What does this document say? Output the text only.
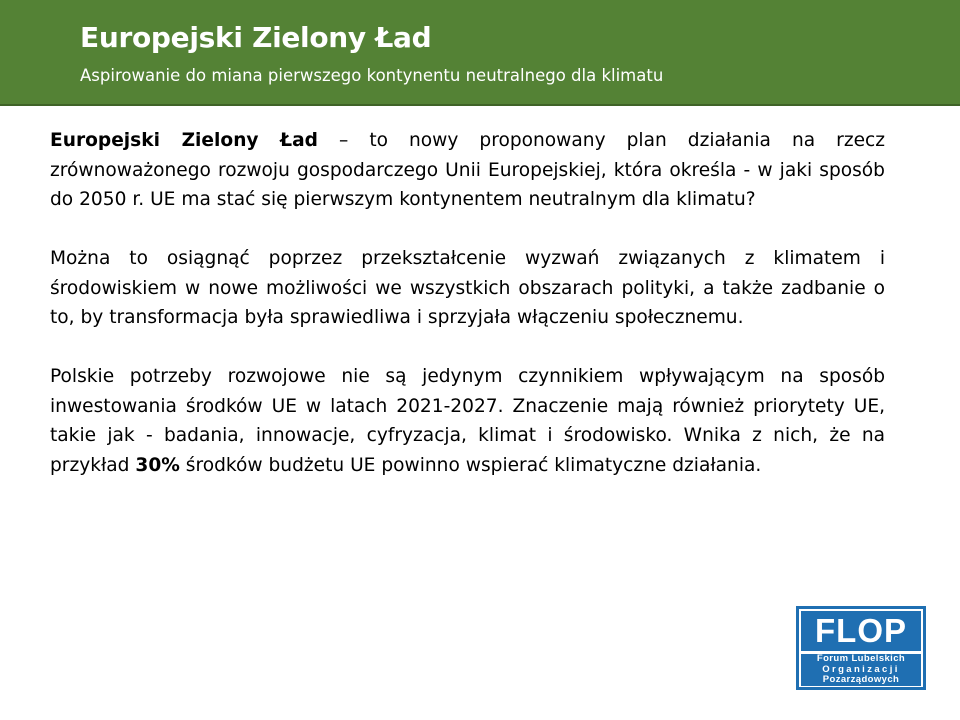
Europejski Zielony Ład

Aspirowanie do miana pierwszego kontynentu neutralnego dla klimatu

Europejski Zielony Ład – to nowy proponowany plan działania na rzecz zrównoważonego rozwoju gospodarczego Unii Europejskiej, która określa - w jaki sposób do 2050 r. UE ma stać się pierwszym kontynentem neutralnym dla klimatu?

Można to osiągnąć poprzez przekształcenie wyzwań związanych z klimatem i środowiskiem w nowe możliwości we wszystkich obszarach polityki, a także zadbanie o to, by transformacja była sprawiedliwa i sprzyjała włączeniu społecznemu.

Polskie potrzeby rozwojowe nie są jedynym czynnikiem wpływającym na sposób inwestowania środków UE w latach 2021-2027. Znaczenie mają również priorytety UE, takie jak - badania, innowacje, cyfryzacja, klimat i środowisko. Wnika z nich, że na przykład 30% środków budżetu UE powinno wspierać klimatyczne działania.

FLOP
Forum Lubelskich
Organizacji
Pozarządowych
